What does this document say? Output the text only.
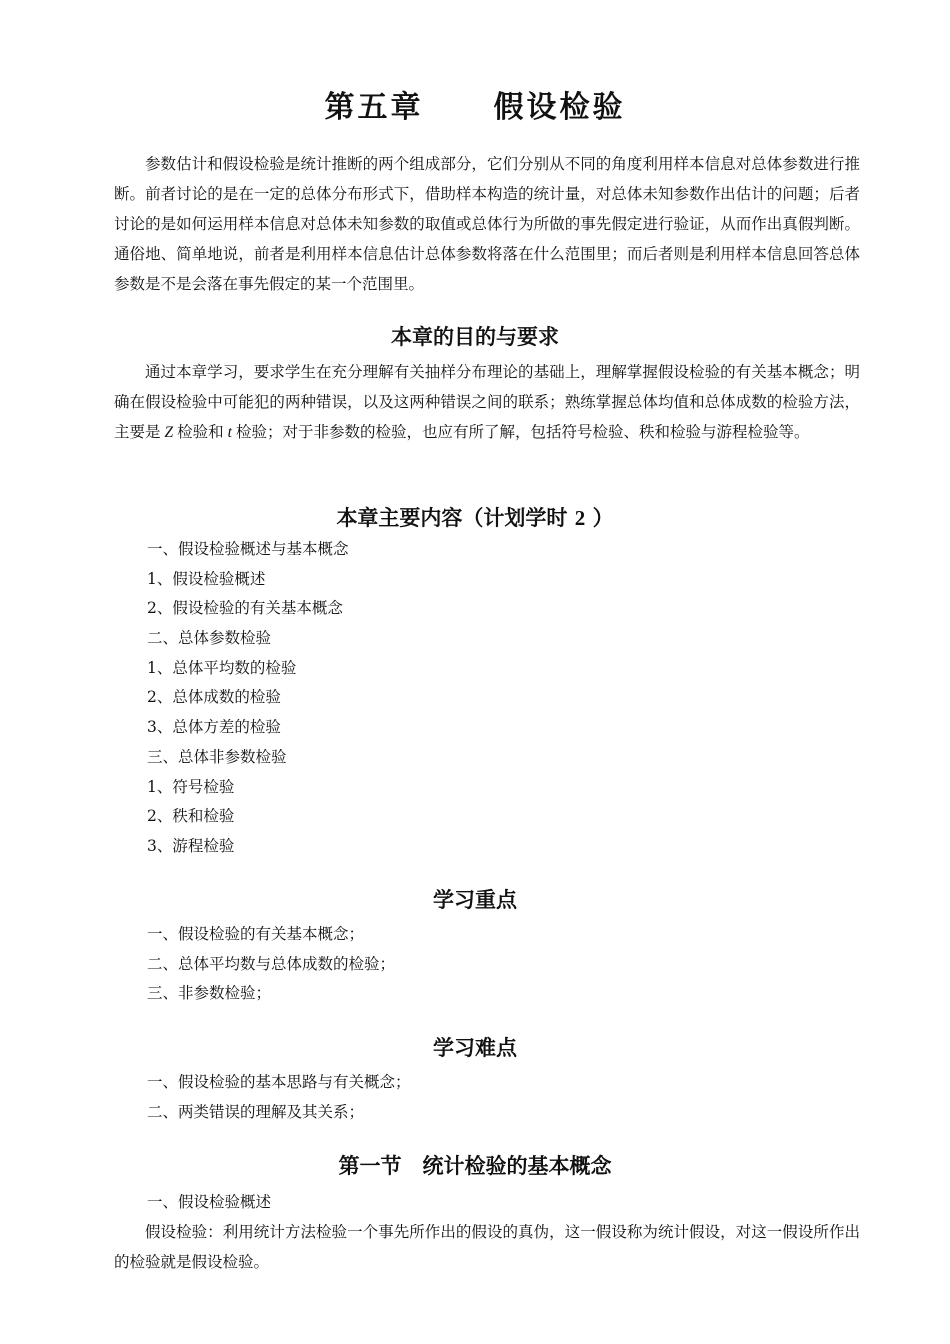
第五章 假设检验

参数估计和假设检验是统计推断的两个组成部分，它们分别从不同的角度利用样本信息对总体参数进行推断。前者讨论的是在一定的总体分布形式下，借助样本构造的统计量，对总体未知参数作出估计的问题；后者讨论的是如何运用样本信息对总体未知参数的取值或总体行为所做的事先假定进行验证，从而作出真假判断。通俗地、简单地说，前者是利用样本信息估计总体参数将落在什么范围里；而后者则是利用样本信息回答总体参数是不是会落在事先假定的某一个范围里。

本章的目的与要求

通过本章学习，要求学生在充分理解有关抽样分布理论的基础上，理解掌握假设检验的有关基本概念；明确在假设检验中可能犯的两种错误，以及这两种错误之间的联系；熟练掌握总体均值和总体成数的检验方法，主要是 Z 检验和 t 检验；对于非参数的检验，也应有所了解，包括符号检验、秩和检验与游程检验等。

本章主要内容（计划学时 2 ）
一、假设检验概述与基本概念
1、假设检验概述
2、假设检验的有关基本概念
二、总体参数检验
1、总体平均数的检验
2、总体成数的检验
3、总体方差的检验
三、总体非参数检验
1、符号检验
2、秩和检验
3、游程检验
学习重点
一、假设检验的有关基本概念；
二、总体平均数与总体成数的检验；
三、非参数检验；
学习难点
一、假设检验的基本思路与有关概念；
二、两类错误的理解及其关系；
第一节　统计检验的基本概念
一、假设检验概述

假设检验：利用统计方法检验一个事先所作出的假设的真伪，这一假设称为统计假设，对这一假设所作出的检验就是假设检验。
